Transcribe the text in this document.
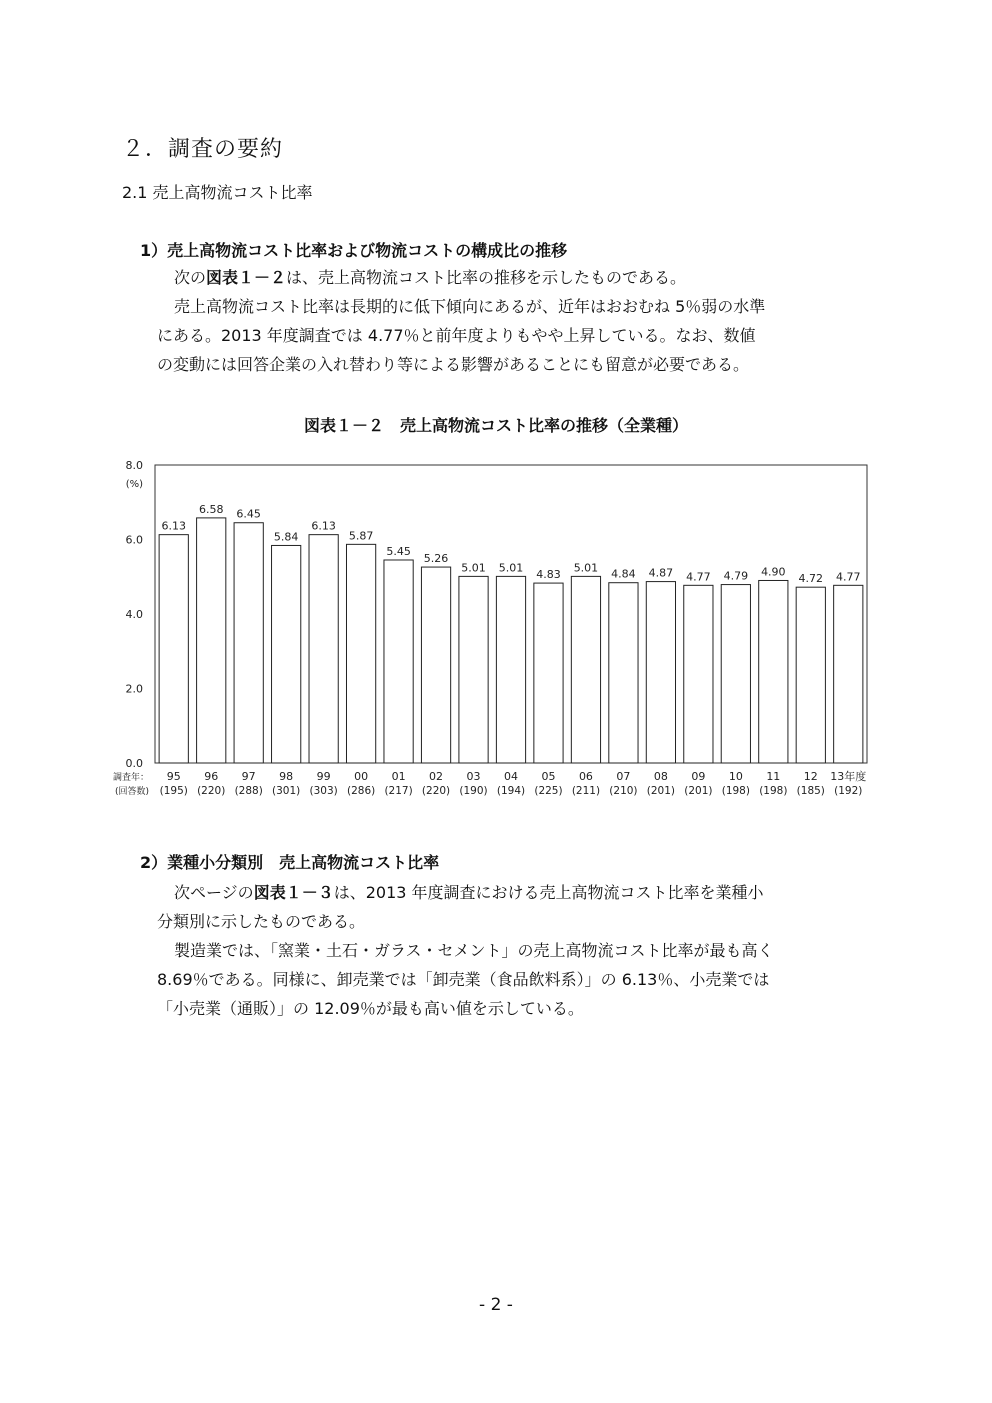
２．調査の要約
2.1 売上高物流コスト比率
1）売上高物流コスト比率および物流コストの構成比の推移
次の図表１－２は、売上高物流コスト比率の推移を示したものである。
売上高物流コスト比率は長期的に低下傾向にあるが、近年はおおむね 5％弱の水準
にある。2013 年度調査では 4.77％と前年度よりもやや上昇している。なお、数値
の変動には回答企業の入れ替わり等による影響があることにも留意が必要である。
図表１－２　売上高物流コスト比率の推移（全業種）
0.0
2.0
4.0
6.0
8.0
(%)
6.13
95
(195)
6.58
96
(220)
6.45
97
(288)
5.84
98
(301)
6.13
99
(303)
5.87
00
(286)
5.45
01
(217)
5.26
02
(220)
5.01
03
(190)
5.01
04
(194)
4.83
05
(225)
5.01
06
(211)
4.84
07
(210)
4.87
08
(201)
4.77
09
(201)
4.79
10
(198)
4.90
11
(198)
4.72
12
(185)
4.77
13年度
(192)
調査年：
(回答数)
2）業種小分類別　売上高物流コスト比率
次ページの図表１－３は、2013 年度調査における売上高物流コスト比率を業種小
分類別に示したものである。
製造業では、「窯業・土石・ガラス・セメント」の売上高物流コスト比率が最も高く
8.69％である。同様に、卸売業では「卸売業（食品飲料系）」の 6.13％、小売業では
「小売業（通販）」の 12.09％が最も高い値を示している。
- 2 -
